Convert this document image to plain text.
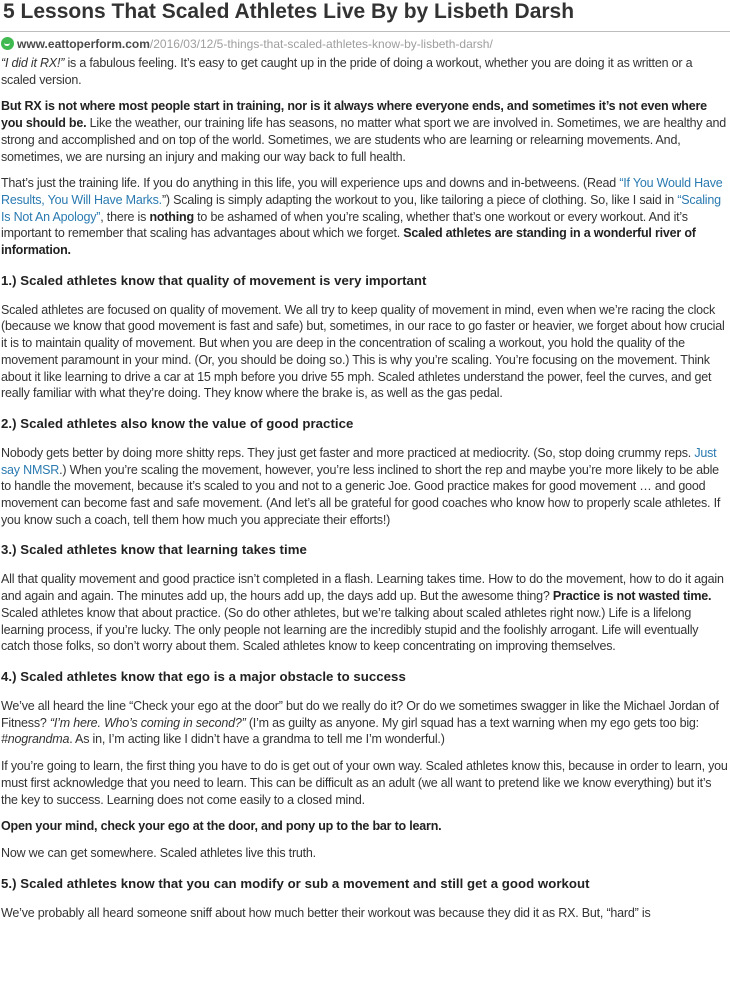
5 Lessons That Scaled Athletes Live By by Lisbeth Darsh
www.eattoperform.com/2016/03/12/5-things-that-scaled-athletes-know-by-lisbeth-darsh/

“I did it RX!” is a fabulous feeling. It’s easy to get caught up in the pride of doing a workout, whether you are doing it as written or a scaled version.

But RX is not where most people start in training, nor is it always where everyone ends, and sometimes it’s not even where you should be. Like the weather, our training life has seasons, no matter what sport we are involved in. Sometimes, we are healthy and strong and accomplished and on top of the world. Sometimes, we are students who are learning or relearning movements. And, sometimes, we are nursing an injury and making our way back to full health.

That’s just the training life. If you do anything in this life, you will experience ups and downs and in-betweens. (Read “If You Would Have Results, You Will Have Marks.”) Scaling is simply adapting the workout to you, like tailoring a piece of clothing. So, like I said in “Scaling Is Not An Apology”, there is nothing to be ashamed of when you’re scaling, whether that’s one workout or every workout. And it’s important to remember that scaling has advantages about which we forget. Scaled athletes are standing in a wonderful river of information.

1.) Scaled athletes know that quality of movement is very important

Scaled athletes are focused on quality of movement. We all try to keep quality of movement in mind, even when we’re racing the clock (because we know that good movement is fast and safe) but, sometimes, in our race to go faster or heavier, we forget about how crucial it is to maintain quality of movement. But when you are deep in the concentration of scaling a workout, you hold the quality of the movement paramount in your mind. (Or, you should be doing so.) This is why you’re scaling. You’re focusing on the movement. Think about it like learning to drive a car at 15 mph before you drive 55 mph. Scaled athletes understand the power, feel the curves, and get really familiar with what they’re doing. They know where the brake is, as well as the gas pedal.

2.) Scaled athletes also know the value of good practice

Nobody gets better by doing more shitty reps. They just get faster and more practiced at mediocrity. (So, stop doing crummy reps. Just say NMSR.) When you’re scaling the movement, however, you’re less inclined to short the rep and maybe you’re more likely to be able to handle the movement, because it’s scaled to you and not to a generic Joe. Good practice makes for good movement … and good movement can become fast and safe movement. (And let’s all be grateful for good coaches who know how to properly scale athletes. If you know such a coach, tell them how much you appreciate their efforts!)

3.) Scaled athletes know that learning takes time

All that quality movement and good practice isn’t completed in a flash. Learning takes time. How to do the movement, how to do it again and again and again. The minutes add up, the hours add up, the days add up. But the awesome thing? Practice is not wasted time. Scaled athletes know that about practice. (So do other athletes, but we’re talking about scaled athletes right now.) Life is a lifelong learning process, if you’re lucky. The only people not learning are the incredibly stupid and the foolishly arrogant. Life will eventually catch those folks, so don’t worry about them. Scaled athletes know to keep concentrating on improving themselves.

4.) Scaled athletes know that ego is a major obstacle to success

We’ve all heard the line “Check your ego at the door” but do we really do it? Or do we sometimes swagger in like the Michael Jordan of Fitness? “I’m here. Who’s coming in second?” (I’m as guilty as anyone. My girl squad has a text warning when my ego gets too big: #nograndma. As in, I’m acting like I didn’t have a grandma to tell me I’m wonderful.)

If you’re going to learn, the first thing you have to do is get out of your own way. Scaled athletes know this, because in order to learn, you must first acknowledge that you need to learn. This can be difficult as an adult (we all want to pretend like we know everything) but it’s the key to success. Learning does not come easily to a closed mind.

Open your mind, check your ego at the door, and pony up to the bar to learn.

Now we can get somewhere. Scaled athletes live this truth.

5.) Scaled athletes know that you can modify or sub a movement and still get a good workout

We’ve probably all heard someone sniff about how much better their workout was because they did it as RX. But, “hard” is
